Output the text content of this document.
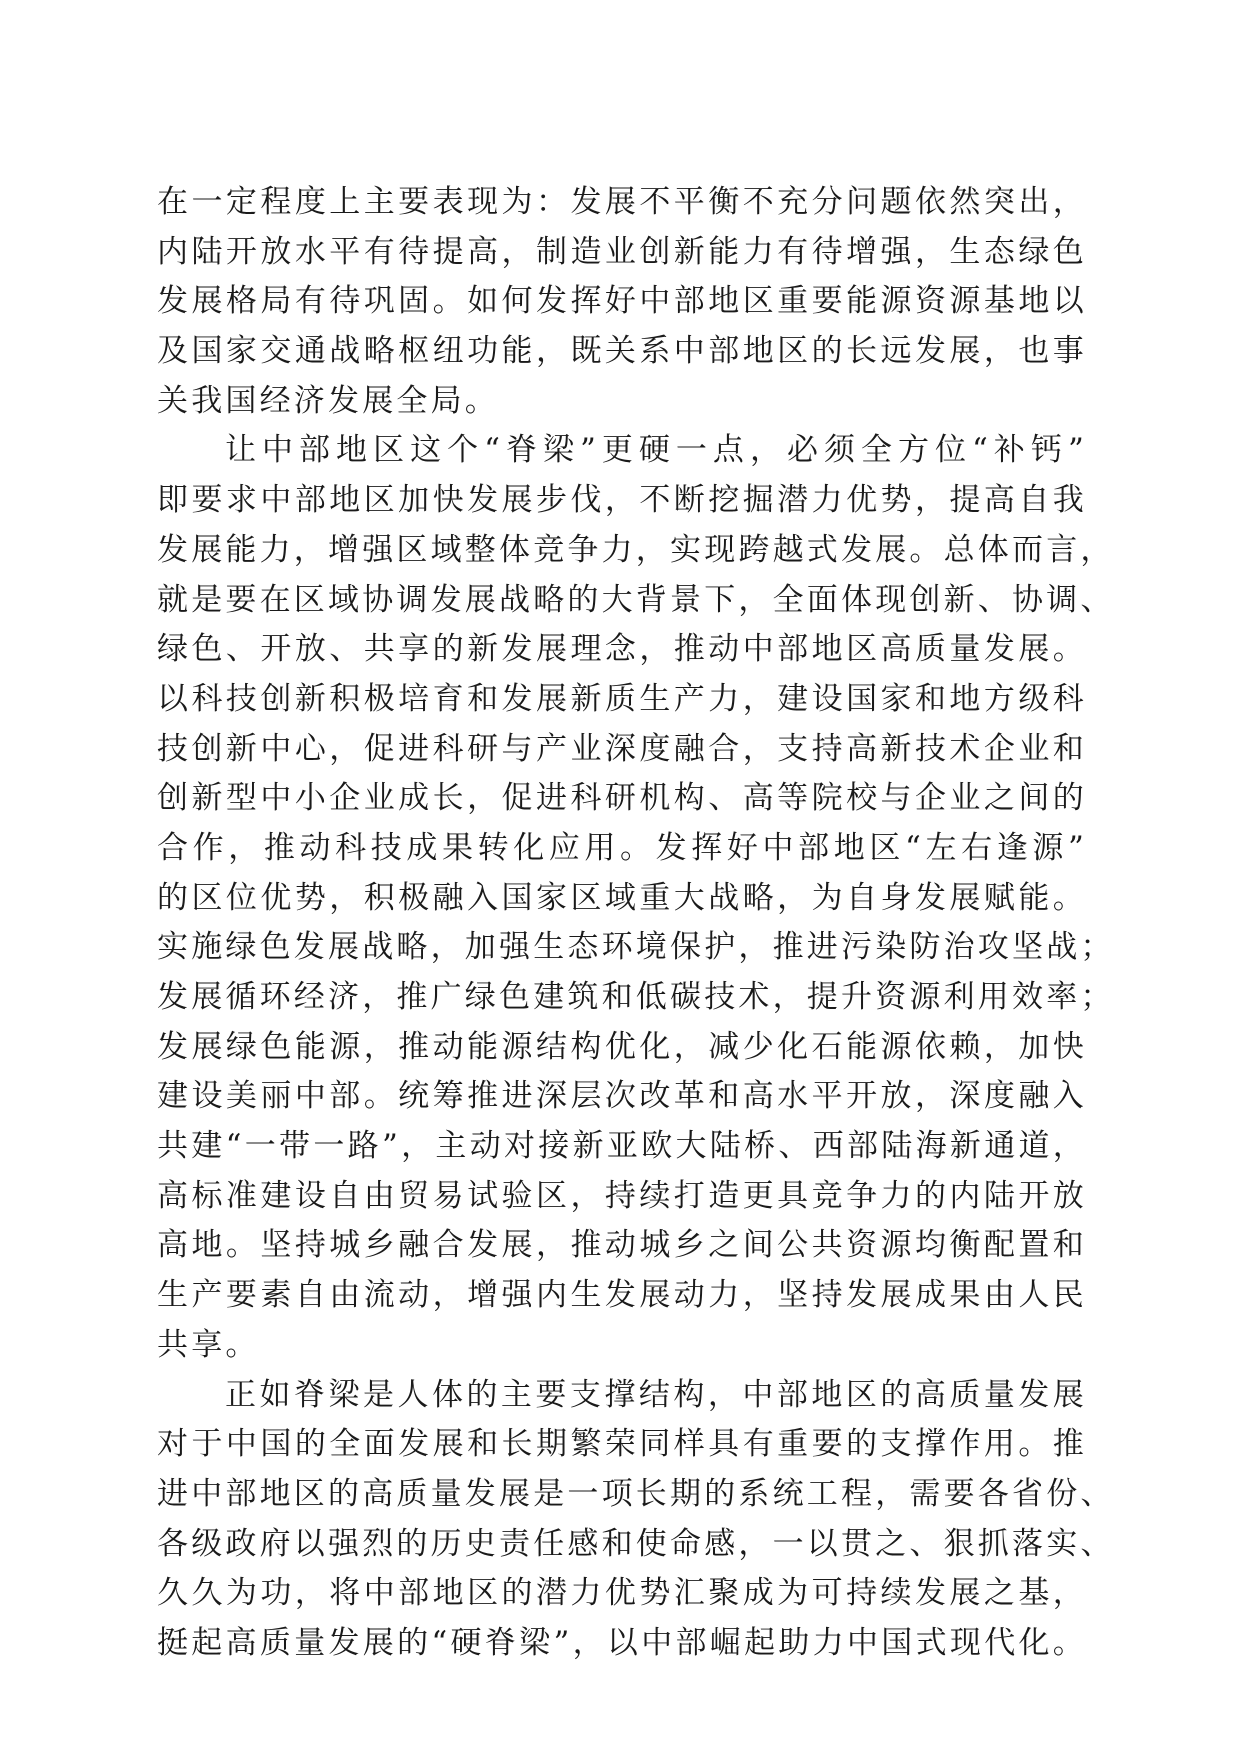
在一定程度上主要表现为：发展不平衡不充分问题依然突出，
内陆开放水平有待提高，制造业创新能力有待增强，生态绿色
发展格局有待巩固。如何发挥好中部地区重要能源资源基地以
及国家交通战略枢纽功能，既关系中部地区的长远发展，也事
关我国经济发展全局。
让中部地区这个“脊梁”更硬一点，必须全方位“补钙”
即要求中部地区加快发展步伐，不断挖掘潜力优势，提高自我
发展能力，增强区域整体竞争力，实现跨越式发展。总体而言，
就是要在区域协调发展战略的大背景下，全面体现创新、协调、
绿色、开放、共享的新发展理念，推动中部地区高质量发展。
以科技创新积极培育和发展新质生产力，建设国家和地方级科
技创新中心，促进科研与产业深度融合，支持高新技术企业和
创新型中小企业成长，促进科研机构、高等院校与企业之间的
合作，推动科技成果转化应用。发挥好中部地区“左右逢源”
的区位优势，积极融入国家区域重大战略，为自身发展赋能。
实施绿色发展战略，加强生态环境保护，推进污染防治攻坚战；
发展循环经济，推广绿色建筑和低碳技术，提升资源利用效率；
发展绿色能源，推动能源结构优化，减少化石能源依赖，加快
建设美丽中部。统筹推进深层次改革和高水平开放，深度融入
共建“一带一路”，主动对接新亚欧大陆桥、西部陆海新通道，
高标准建设自由贸易试验区，持续打造更具竞争力的内陆开放
高地。坚持城乡融合发展，推动城乡之间公共资源均衡配置和
生产要素自由流动，增强内生发展动力，坚持发展成果由人民
共享。
正如脊梁是人体的主要支撑结构，中部地区的高质量发展
对于中国的全面发展和长期繁荣同样具有重要的支撑作用。推
进中部地区的高质量发展是一项长期的系统工程，需要各省份、
各级政府以强烈的历史责任感和使命感，一以贯之、狠抓落实、
久久为功，将中部地区的潜力优势汇聚成为可持续发展之基，
挺起高质量发展的“硬脊梁”，以中部崛起助力中国式现代化。
